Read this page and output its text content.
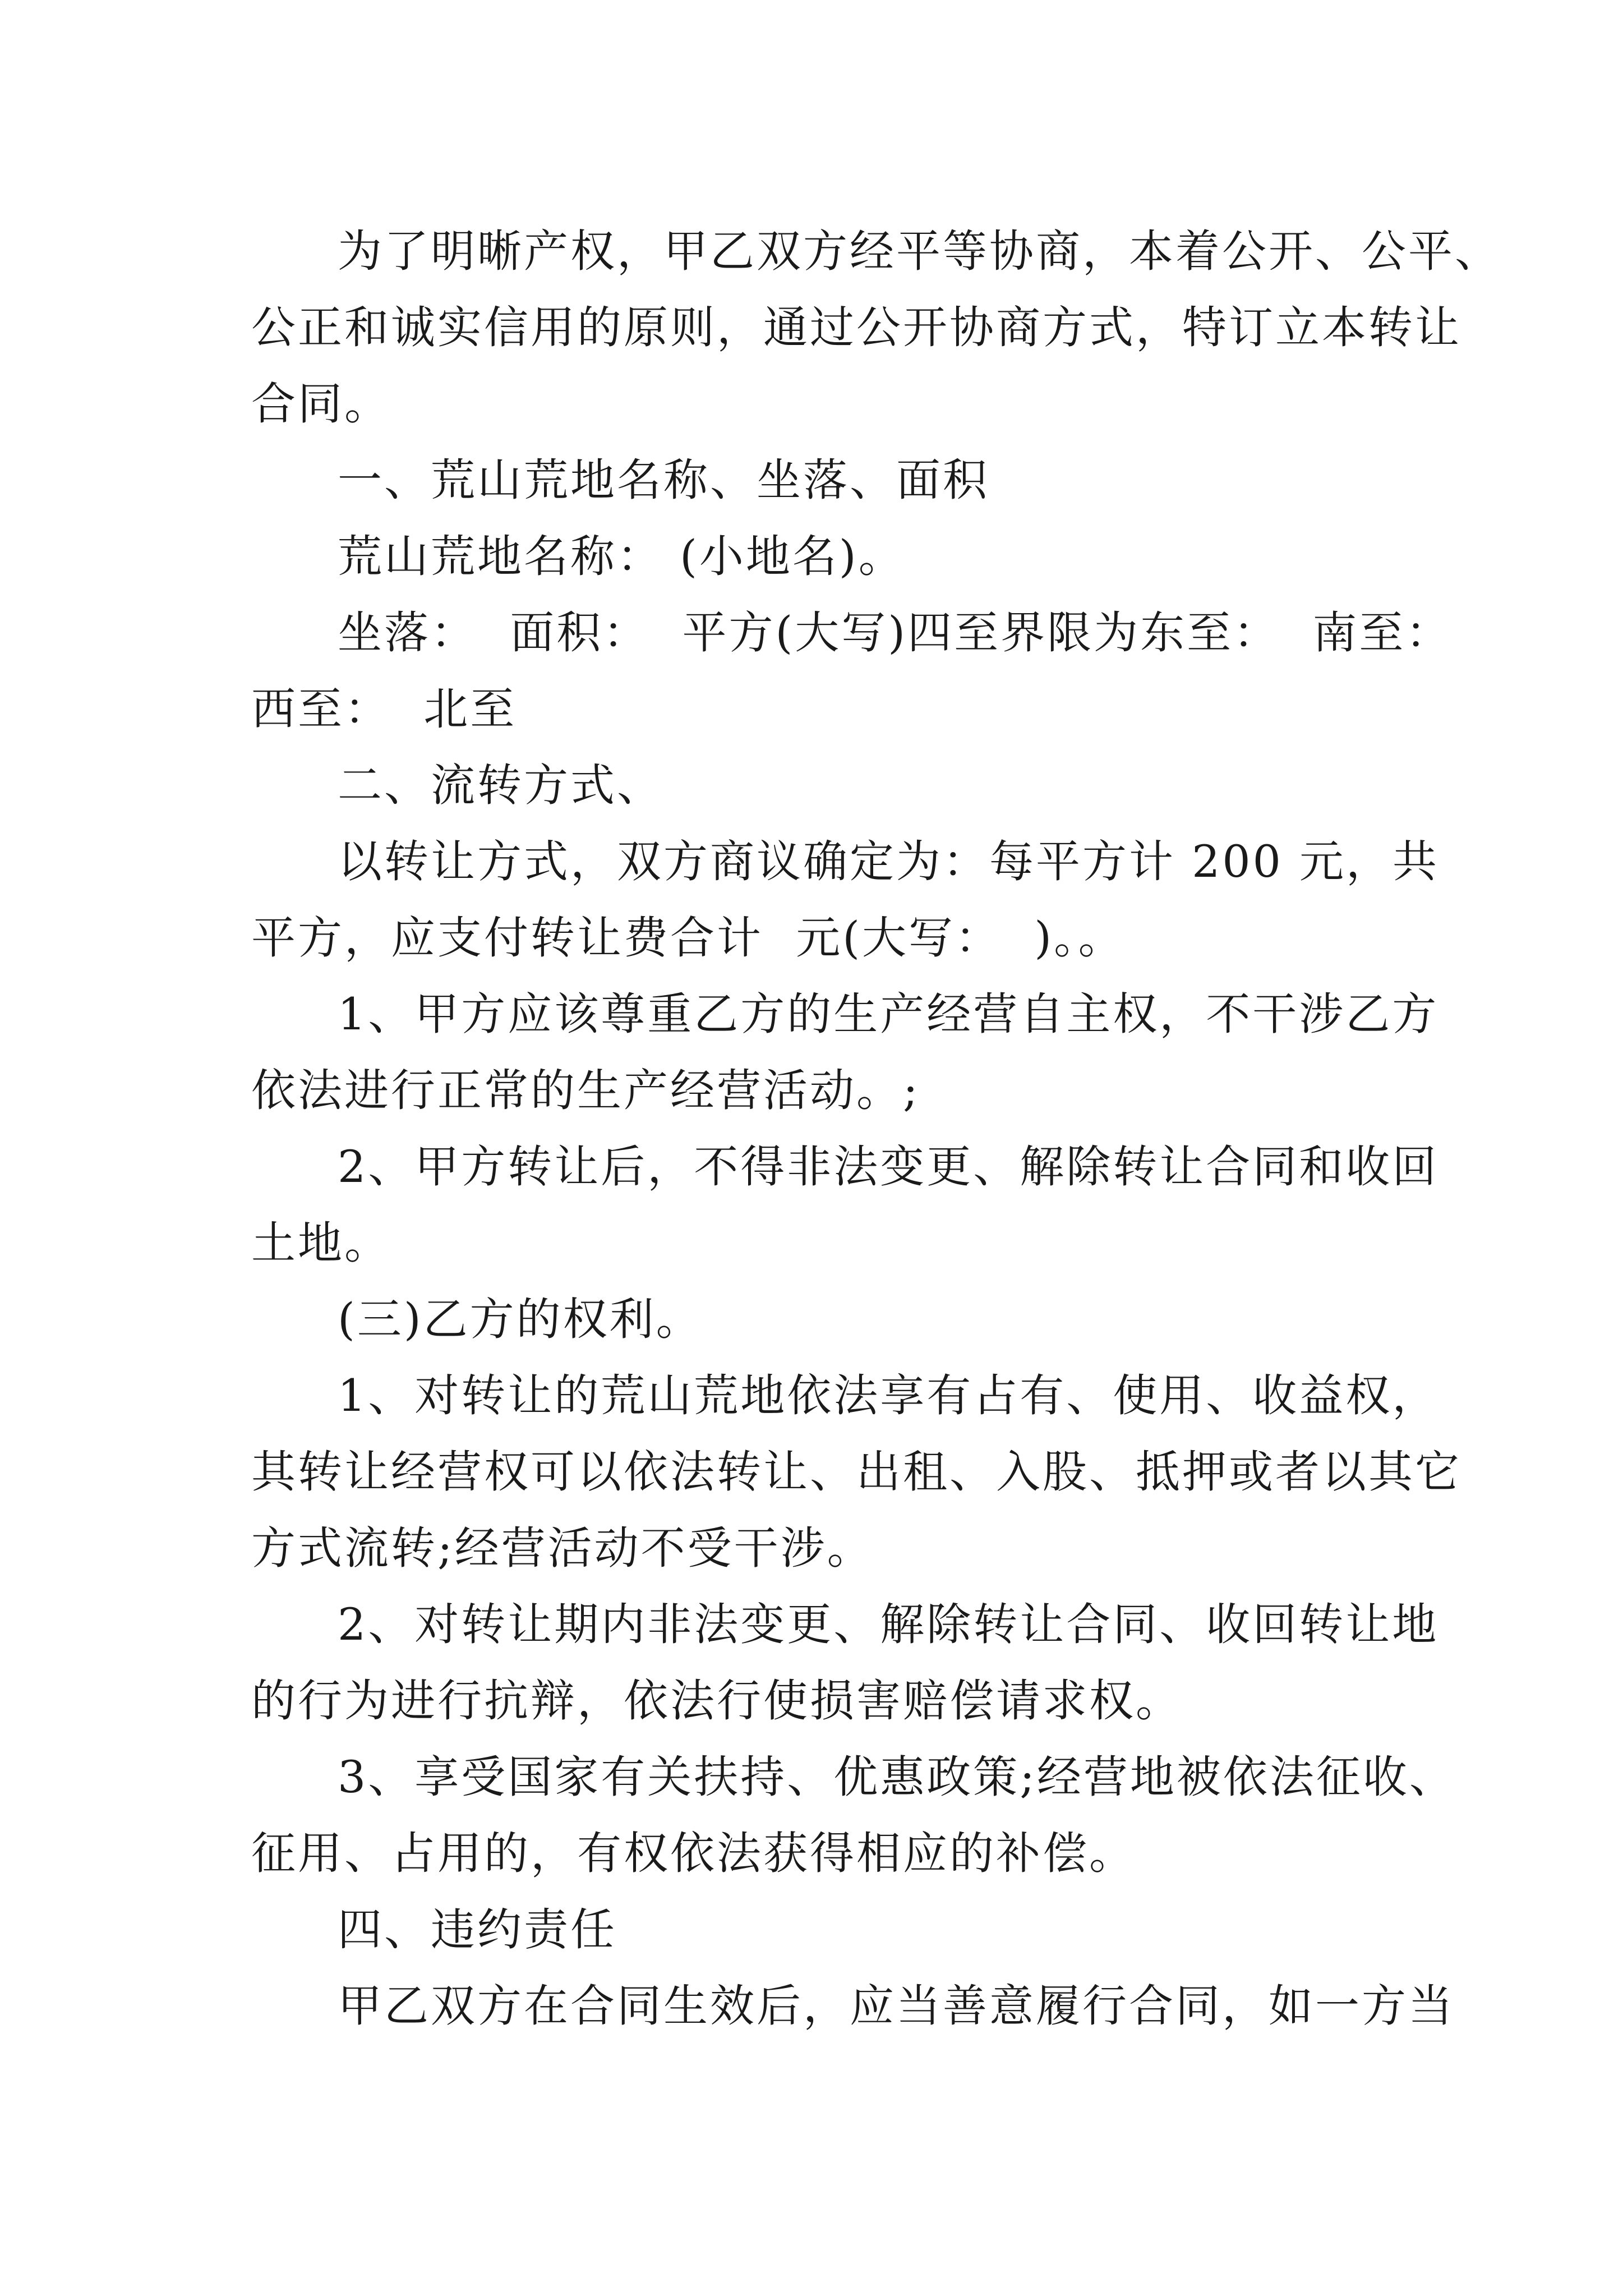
为了明晰产权，甲乙双方经平等协商，本着公开、公平、
公正和诚实信用的原则，通过公开协商方式，特订立本转让
合同。
一、荒山荒地名称、坐落、面积
荒山荒地名称： (小地名)。
坐落：  面积：  平方(大写)四至界限为东至：  南至：
西至：  北至
二、流转方式、
以转让方式，双方商议确定为：每平方计 200 元，共
平方，应支付转让费合计  元(大写：  )。。
1、甲方应该尊重乙方的生产经营自主权，不干涉乙方
依法进行正常的生产经营活动。;
2、甲方转让后，不得非法变更、解除转让合同和收回
土地。
(三)乙方的权利。
1、对转让的荒山荒地依法享有占有、使用、收益权，
其转让经营权可以依法转让、出租、入股、抵押或者以其它
方式流转;经营活动不受干涉。
2、对转让期内非法变更、解除转让合同、收回转让地
的行为进行抗辩，依法行使损害赔偿请求权。
3、享受国家有关扶持、优惠政策;经营地被依法征收、
征用、占用的，有权依法获得相应的补偿。
四、违约责任
甲乙双方在合同生效后，应当善意履行合同，如一方当
